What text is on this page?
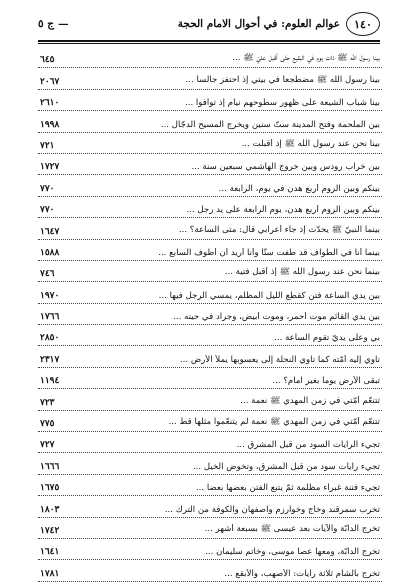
١٤٠
عوالم العلوم: في أحوال الامام الحجة
—
ج ٥
بينا رسول الله ﷺ ذات يوم في البقيع حتّى أقبل عليّ ﷺ ...
٦٤٥
بينا رسول الله ﷺ مضطجعاً في بيتي إذ احتفز جالساً ...
٢٠٦٧
بينا شباب الشيعة على ظهور سطوحهم نيام إذ توافوا ...
٢٦١٠
بين الملحمة وفتح المدينة ستّ سنين ويخرج المسيح الدجّال ...
١٩٩٨
بينا نحن عند رسول الله ﷺ إذ أقبلت ...
٧٢١
بين خراب رودس وبين خروج الهاشمي سبعين سنة ...
١٧٢٧
بينكم وبين الروم أربع هدن في يوم، الرابعة ...
٧٧٠
بينكم وبين الروم أربع هدن، يوم الرابعة على يد رجل ...
٧٧٠
بينما النبيّ ﷺ يحدّث إذ جاء أعرابي قال: متى الساعة؟ ...
١٦٤٧
بينما أنا في الطواف قد طفت ستّاً وأنا أريد أن أطوف السابع ...
١٥٨٨
بينما نحن عند رسول الله ﷺ إذ أقبل فتية ...
٧٤٦
بين يدي الساعة فتن كقطع الليل المظلم، يمسي الرجل فيها ...
١٩٧٠
بين يدي القائم موت أحمر، وموت أبيض، وجراد في حينه ...
١٧٦٦
بي وعلى يديّ تقوم الساعة ...
٢٨٥٠
تأوي إليه أمّته كما تأوي النحلة إلى يعسوبها يملأ الأرض ...
٢٣١٧
تبقى الأرض يوماً بغير امام؟ ...
١١٩٤
تتنعّم أمّتي في زمن المهدي ﷺ نعمة ...
٧٢٣
تتنعّم أمّتي في زمن المهدي ﷺ نعمة لم يتنعّموا مثلها قطّ ...
٧٧٥
تجيء الرايات السود من قبل المشرق ...
٧٢٧
تجيء رايات سود من قبل المشرق، وتخوض الخيل ...
١٦٦٦
تجيء فتنة غبراء مظلمة ثمّ يتبع الفتن بعضها بعضاً ...
١٦٧٥
تخرب سمرقند وخاج وخوارزم واصفهان والكوفة من الترك ...
١٨٠٣
تخرج الدابّة والآيات بعد عيسى ﷺ بسبعة أشهر ...
١٧٤٢
تخرج الدابّة، ومعها عصا موسى، وخاتم سليمان ...
١٦٤١
تخرج بالشام ثلاثة رايات: الأصهب، والأبقع ...
١٧٨١
